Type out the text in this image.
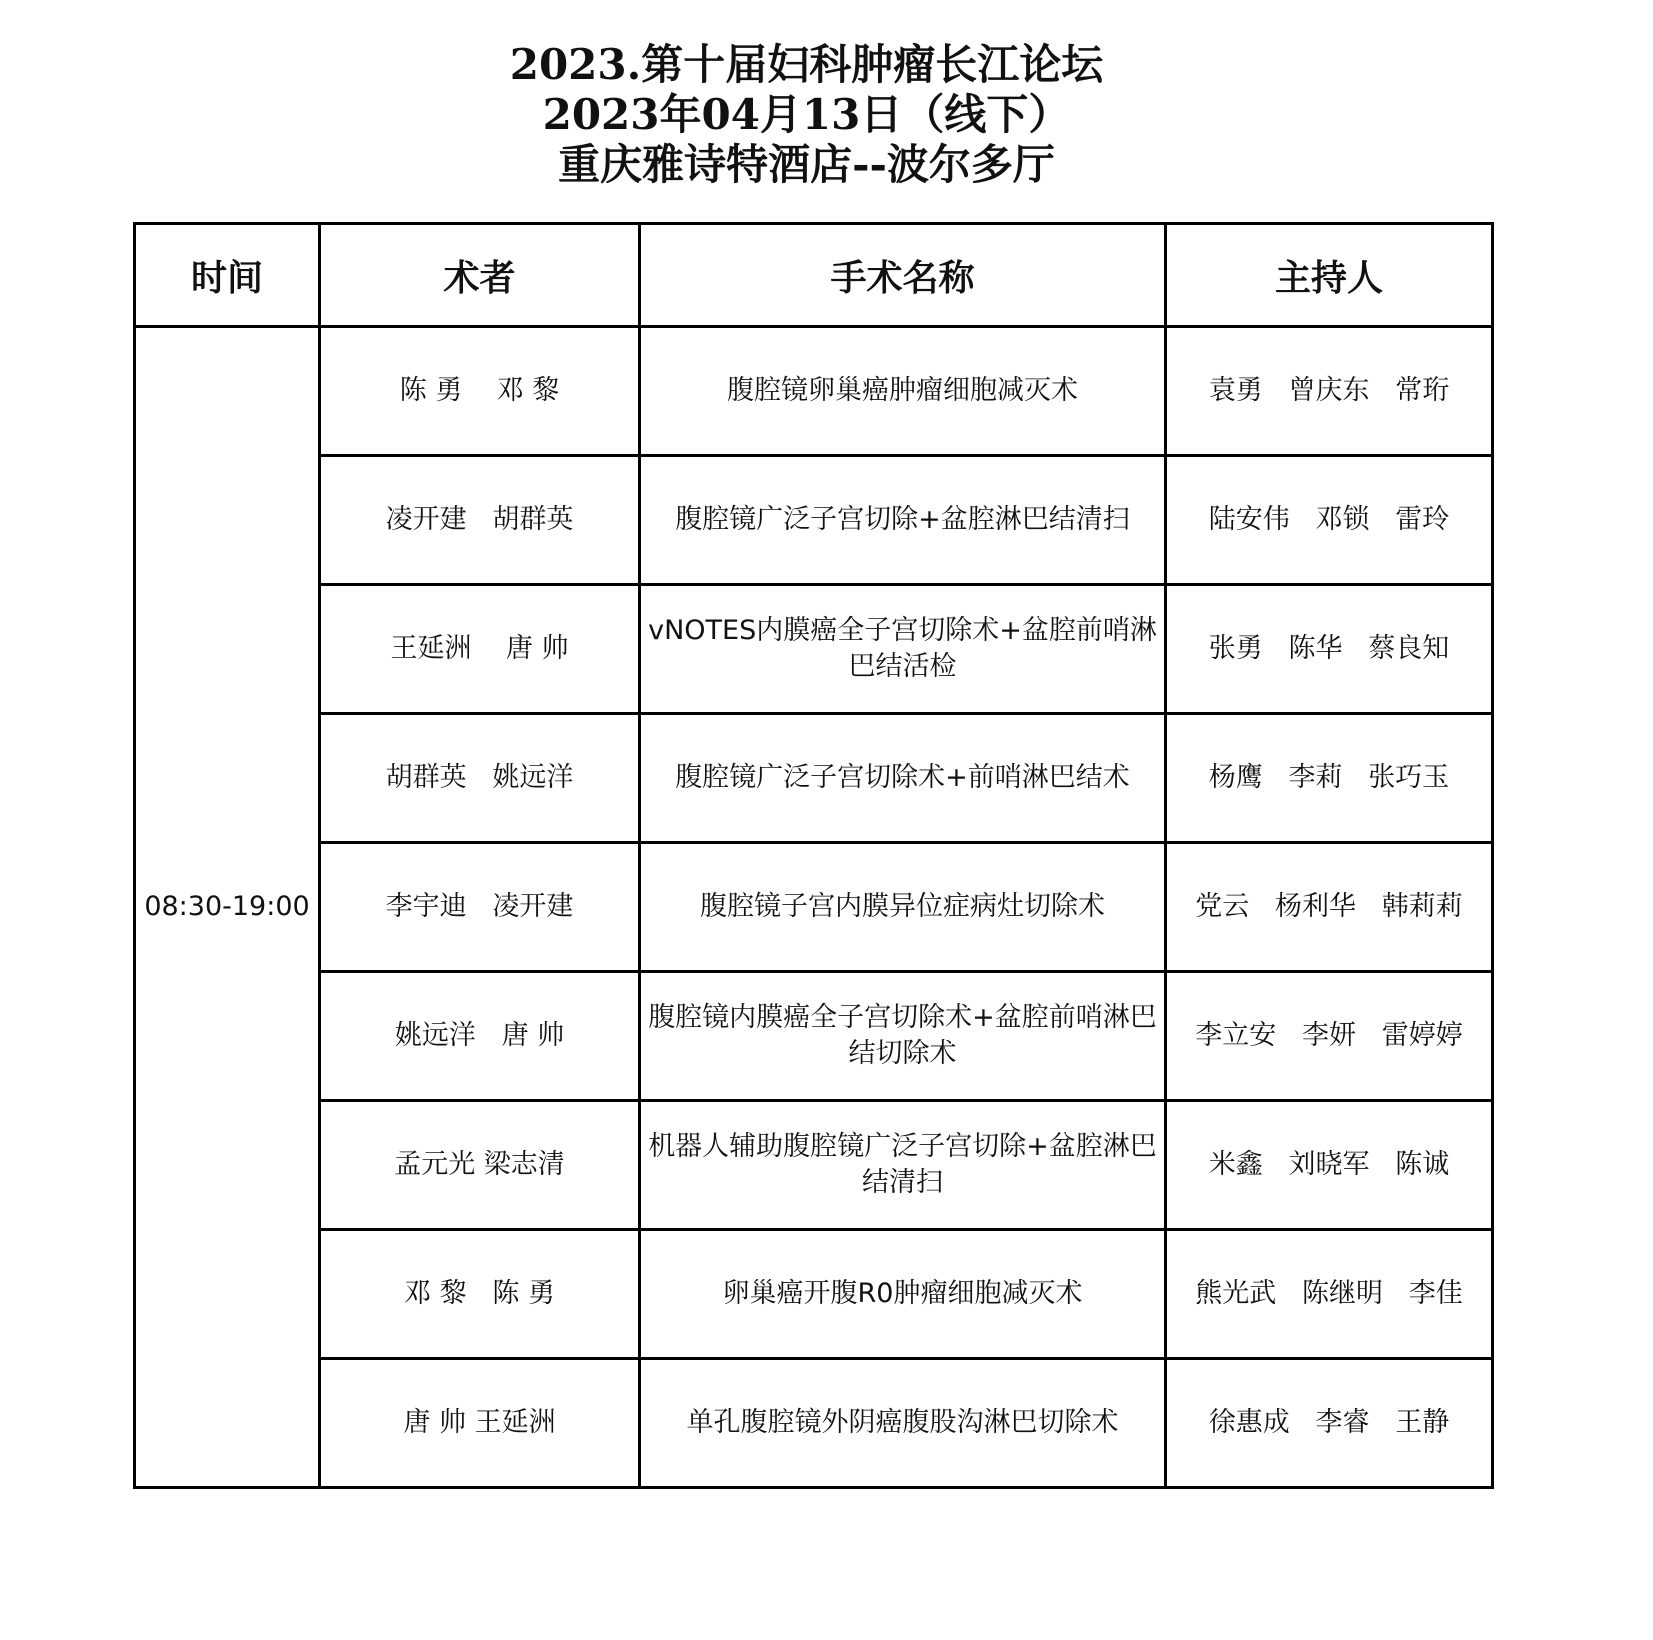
2023.第十届妇科肿瘤长江论坛
2023年04月13日（线下）
重庆雅诗特酒店--波尔多厅
时间	术者	手术名称	主持人
08:30-19:00	陈 勇    邓 黎	腹腔镜卵巢癌肿瘤细胞减灭术	袁勇   曾庆东   常珩
	凌开建   胡群英	腹腔镜广泛子宫切除+盆腔淋巴结清扫	陆安伟   邓锁   雷玲
	王延洲    唐 帅	vNOTES内膜癌全子宫切除术+盆腔前哨淋巴结活检	张勇   陈华   蔡良知
	胡群英   姚远洋	腹腔镜广泛子宫切除术+前哨淋巴结术	杨鹰   李莉   张巧玉
	李宇迪   凌开建	腹腔镜子宫内膜异位症病灶切除术	党云   杨利华   韩莉莉
	姚远洋   唐 帅	腹腔镜内膜癌全子宫切除术+盆腔前哨淋巴结切除术	李立安   李妍   雷婷婷
	孟元光 梁志清	机器人辅助腹腔镜广泛子宫切除+盆腔淋巴结清扫	米鑫   刘晓军   陈诚
	邓 黎   陈 勇	卵巢癌开腹R0肿瘤细胞减灭术	熊光武   陈继明   李佳
	唐 帅 王延洲	单孔腹腔镜外阴癌腹股沟淋巴切除术	徐惠成   李睿   王静
